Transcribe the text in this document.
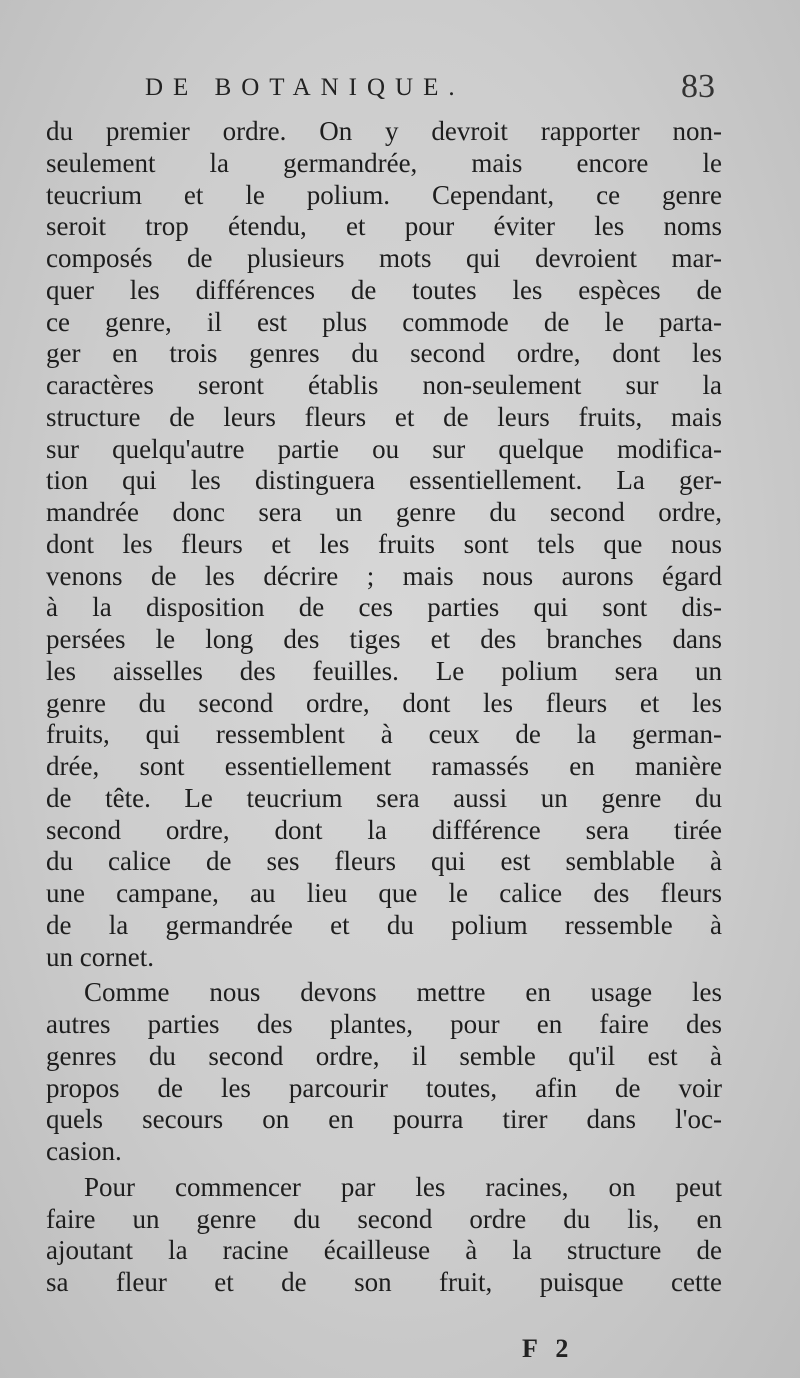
DE BOTANIQUE.	83
du premier ordre. On y devroit rapporter non-
seulement la germandrée, mais encore le
teucrium et le polium. Cependant, ce genre
seroit trop étendu, et pour éviter les noms
composés de plusieurs mots qui devroient mar-
quer les différences de toutes les espèces de
ce genre, il est plus commode de le parta-
ger en trois genres du second ordre, dont les
caractères seront établis non-seulement sur la
structure de leurs fleurs et de leurs fruits, mais
sur quelqu'autre partie ou sur quelque modifica-
tion qui les distinguera essentiellement. La ger-
mandrée donc sera un genre du second ordre,
dont les fleurs et les fruits sont tels que nous
venons de les décrire ; mais nous aurons égard
à la disposition de ces parties qui sont dis-
persées le long des tiges et des branches dans
les aisselles des feuilles. Le polium sera un
genre du second ordre, dont les fleurs et les
fruits, qui ressemblent à ceux de la german-
drée, sont essentiellement ramassés en manière
de tête. Le teucrium sera aussi un genre du
second ordre, dont la différence sera tirée
du calice de ses fleurs qui est semblable à
une campane, au lieu que le calice des fleurs
de la germandrée et du polium ressemble à
un cornet.
Comme nous devons mettre en usage les
autres parties des plantes, pour en faire des
genres du second ordre, il semble qu'il est à
propos de les parcourir toutes, afin de voir
quels secours on en pourra tirer dans l'oc-
casion.
Pour commencer par les racines, on peut
faire un genre du second ordre du lis, en
ajoutant la racine écailleuse à la structure de
sa fleur et de son fruit, puisque cette
F 2
